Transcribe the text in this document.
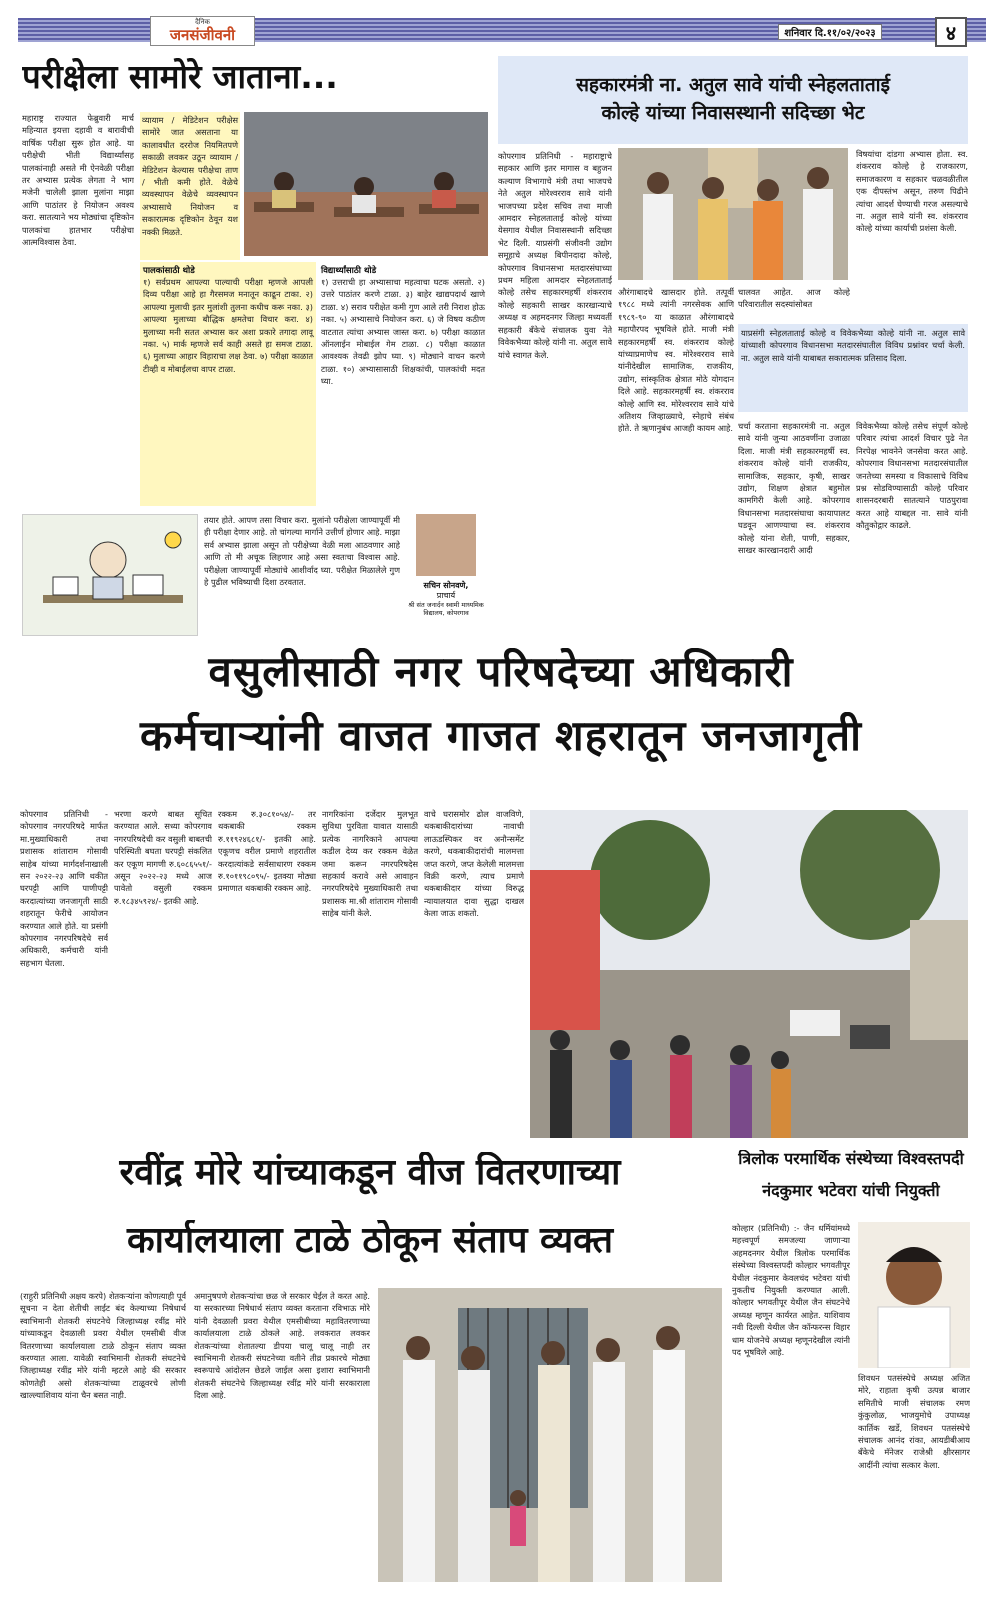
दैनिक
जनसंजीवनी	शनिवार दि.११/०२/२०२३	४
परीक्षेला सामोरे जाताना...
महाराष्ट्र राज्यात फेब्रुवारी मार्च महिन्यात इयत्ता दहावी व बारावीची वार्षिक परीक्षा सुरू होत आहे. या परीक्षेची भीती विद्यार्थ्यांसह पालकांनाही असते मी ऐनवेळी परीक्षा तर अभ्यास प्रत्येक लेगता ने भाग मजेनी चालेली झाला मुलांना माझा आणि पाठांतर हे नियोजन अवश्य करा. सातत्याने भय मोठ्यांचा दृष्टिकोन पालकांचा हातभार परीक्षेचा आत्मविश्वास ठेवा.
व्यायाम / मेडिटेशन परीक्षेस सामोरे जात असताना या कालावधीत दररोज नियमितपणे सकाळी लवकर उठून व्यायाम /मेडिटेशन केल्यास परीक्षेचा ताण / भीती कमी होते. वेळेचे व्यवस्थापन वेळेचे व्यवस्थापन अभ्यासाचे नियोजन व सकारात्मक दृष्टिकोन ठेवून यश नक्की मिळते.
पालकांसाठी थोडे
१) सर्वप्रथम आपल्या पाल्याची परीक्षा म्हणजे आपली दिव्य परीक्षा आहे हा गैरसमज मनातून काढून टाका. २) आपल्या मुलाची इतर मुलांशी तुलना कधीच करू नका. ३) आपल्या मुलाच्या बौद्धिक क्षमतेचा विचार करा. ४) मुलाच्या मनी सतत अभ्यास कर अशा प्रकारे तगादा लावू नका. ५) मार्क म्हणजे सर्व काही असते हा समज टाळा. ६) मुलाच्या आहार विहाराचा लक्ष ठेवा. ७) परीक्षा काळात टीव्ही व मोबाईलचा वापर टाळा.
विद्यार्थ्यांसाठी थोडे
१) उत्तराची हा अभ्यासाचा महत्वाचा घटक असतो. २) उत्तरे पाठांतर करणे टाळा. ३) बाहेर खाद्यपदार्थ खाणे टाळा. ४) सराव परीक्षेत कमी गुण आले तरी निराश होऊ नका. ५) अभ्यासाचे नियोजन करा. ६) जे विषय कठीण वाटतात त्यांचा अभ्यास जास्त करा. ७) परीक्षा काळात ऑनलाईन मोबाईल गेम टाळा. ८) परीक्षा काळात आवश्यक तेवढी झोप घ्या. ९) मोठ्याने वाचन करणे टाळा. १०) अभ्यासासाठी शिक्षकांची, पालकांची मदत घ्या.
तयार होते. आपण तसा विचार करा. मुलांनो परीक्षेला जाण्यापूर्वी मी ही परीक्षा देणार आहे. तो चांगल्या मार्गाने उत्तीर्ण होणार आहे. माझा सर्व अभ्यास झाला असून तो परीक्षेच्या वेळी मला आठवणार आहे आणि तो मी अचूक लिहणार आहे असा स्वतःचा विश्वास आहे. परीक्षेला जाण्यापूर्वी मोठ्यांचे आशीर्वाद घ्या. परीक्षेत मिळालेले गुण हे पुढील भविष्याची दिशा ठरवतात.	सचिन सोनवणे,
प्राचार्य
श्री संत जनार्दन स्वामी माध्यमिक विद्यालय, कोपरगाव
सहकारमंत्री ना. अतुल सावे यांची स्नेहलताताई
कोल्हे यांच्या निवासस्थानी सदिच्छा भेट
कोपरगाव प्रतिनिधी - महाराष्ट्राचे सहकार आणि इतर मागास व बहुजन कल्याण विभागाचे मंत्री तथा भाजपचे नेते अतुल मोरेश्वरराव सावे यांनी भाजपच्या प्रदेश सचिव तथा माजी आमदार स्नेहलताताई कोल्हे यांच्या येसगाव येथील निवासस्थानी सदिच्छा भेट दिली. याप्रसंगी संजीवनी उद्योग समूहाचे अध्यक्ष बिपीनदादा कोल्हे, कोपरगाव विधानसभा मतदारसंघाच्या प्रथम महिला आमदार स्नेहलताताई कोल्हे तसेच सहकारमहर्षी शंकरराव कोल्हे सहकारी साखर कारखान्याचे अध्यक्ष व अहमदनगर जिल्हा मध्यवर्ती सहकारी बँकेचे संचालक युवा नेते विवेकभैय्या कोल्हे यांनी ना. अतुल सावे यांचे स्वागत केले.
विषयांचा दांडगा अभ्यास होता. स्व. शंकरराव कोल्हे हे राजकारण, समाजकारण व सहकार चळवळीतील एक दीपस्तंभ असून, तरुण पिढीने त्यांचा आदर्श घेण्याची गरज असल्याचे ना. अतुल सावे यांनी स्व. शंकरराव कोल्हे यांच्या कार्याची प्रशंसा केली.
औरंगाबादचे खासदार होते. तत्पूर्वी १९८८ मध्ये त्यांनी नगरसेवक आणि १९८९-९० या काळात औरंगाबादचे महापौरपद भूषविले होते. माजी मंत्री सहकारमहर्षी स्व. शंकरराव कोल्हे यांच्याप्रमाणेच स्व. मोरेश्वरराव सावे यांनीदेखील सामाजिक, राजकीय, उद्योग, सांस्कृतिक क्षेत्रात मोठे योगदान दिले आहे. सहकारमहर्षी स्व. शंकरराव कोल्हे आणि स्व. मोरेश्वरराव सावे यांचे अतिशय जिव्हाळ्याचे, स्नेहाचे संबंध होते. ते ऋणानुबंध आजही कायम आहे.
चालवत आहेत. आज कोल्हे परिवारातील सदस्यांसोबत
याप्रसंगी स्नेहलताताई कोल्हे व विवेकभैय्या कोल्हे यांनी ना. अतुल सावे यांच्याशी कोपरगाव विधानसभा मतदारसंघातील विविध प्रश्नांवर चर्चा केली. ना. अतुल सावे यांनी याबाबत सकारात्मक प्रतिसाद दिला.
चर्चा करताना सहकारमंत्री ना. अतुल सावे यांनी जुन्या आठवणींना उजाळा दिला. माजी मंत्री सहकारमहर्षी स्व. शंकरराव कोल्हे यांनी राजकीय, सामाजिक, सहकार, कृषी, साखर उद्योग, शिक्षण क्षेत्रात बहुमोल कामगिरी केली आहे. कोपरगाव विधानसभा मतदारसंघाचा कायापालट घडवून आणण्याचा स्व. शंकरराव कोल्हे यांना शेती, पाणी, सहकार, साखर कारखानदारी आदी
विवेकभैय्या कोल्हे तसेच संपूर्ण कोल्हे परिवार त्यांचा आदर्श विचार पुढे नेत निरपेक्ष भावनेने जनसेवा करत आहे. कोपरगाव विधानसभा मतदारसंघातील जनतेच्या समस्या व विकासाचे विविध प्रश्न सोडविण्यासाठी कोल्हे परिवार शासनदरबारी सातत्याने पाठपुरावा करत आहे याबद्दल ना. सावे यांनी कौतुकोद्गार काढले.
वसुलीसाठी नगर परिषदेच्या अधिकारी
कर्मचाऱ्यांनी वाजत गाजत शहरातून जनजागृती
कोपरगाव प्रतिनिधी - कोपरगाव नगरपरिषदे मार्फत मा.मुख्याधिकारी तथा प्रशासक शांताराम गोसावी साहेब यांच्या मार्गदर्शनाखाली सन २०२२-२३ आणि थकीत घरपट्टी आणि पाणीपट्टी करदात्यांच्या जनजागृती साठी शहरातून फेरीचे आयोजन करण्यात आले होते. या प्रसंगी कोपरगाव नगरपरिषदेचे सर्व अधिकारी, कर्मचारी यांनी सहभाग घेतला.
भरणा करणे बाबत सूचित करण्यात आले. सध्या कोपरगाव नगरपरिषदेची कर वसुली बाबतची परिस्थिती बघता घरपट्टी संकलित कर एकूण मागणी रु.६०८६५५१/- असून २०२२-२३ मध्ये आज पावेतो वसुली रक्कम रु.१८३४५९२४/- इतकी आहे.
रक्कम रु.३०८१०५४/- तर थकबाकी रक्कम रु.११९२४६८१/- इतकी आहे. एकूणच वरील प्रमाणे शहरातील करदात्यांकडे सर्वसाधारण रक्कम रु.१०११९८०९५/- इतक्या मोठ्या प्रमाणात थकबाकी रक्कम आहे.
नागरिकांना दर्जेदार मुलभूत सुविधा पुरविता यावात यासाठी प्रत्येक नागरिकाने आपल्या कडील देय्य कर रक्कम वेळेत जमा करून नगरपरिषदेस सहकार्य करावे असे आवाहन नगरपरिषदेचे मुख्याधिकारी तथा प्रशासक मा.श्री शांताराम गोसावी साहेब यांनी केले.
वाचे घरासमोर ढोल वाजविणे, थकबाकीदारांच्या नावाची लाऊडस्पिकर वर अनौन्समेंट करणे, थकबाकीदारांची मालमत्ता जप्त करणे, जप्त केलेली मालमत्ता विक्री करणे, त्याच प्रमाणे थकबाकीदार यांच्या विरुद्ध न्यायालयात दावा सुद्धा दाखल केला जाऊ शकतो.
रवींद्र मोरे यांच्याकडून वीज वितरणाच्या
कार्यालयाला टाळे ठोकून संताप व्यक्त
(राहुरी प्रतिनिधी अक्षय करपे) शेतकऱ्यांना कोणत्याही पूर्व सूचना न देता शेतीची लाईट बंद केल्याच्या निषेधार्थ स्वाभिमानी शेतकरी संघटनेचे जिल्हाध्यक्ष रवींद्र मोरे यांच्याकडून देवळाली प्रवरा येथील एमसीबी वीज वितरणाच्या कार्यालयाला टाळे ठोकून संताप व्यक्त करण्यात आला. यावेळी स्वाभिमानी शेतकरी संघटनेचे जिल्हाध्यक्ष रवींद्र मोरे यांनी म्हटले आहे की सरकार कोणतेही असो शेतकऱ्यांच्या टाळूवरचे लोणी खाल्ल्याशिवाय यांना चैन बसत नाही.
अमानुषपणे शेतकऱ्यांचा छळ जे सरकार घेईल ते करत आहे. या सरकारच्या निषेधार्थ संताप व्यक्त करताना रविभाऊ मोरे यांनी देवळाली प्रवरा येथील एमसीबीच्या महावितरणाच्या कार्यालयाला टाळे ठोकले आहे. लवकरात लवकर शेतकऱ्यांच्या शेतातल्या डीपया चालू चालू नाही तर स्वाभिमानी शेतकरी संघटनेच्या वतीने तीव्र प्रकारचे मोठ्या स्वरूपाचे आंदोलन छेडले जाईल असा इशारा स्वाभिमानी शेतकरी संघटनेचे जिल्हाध्यक्ष रवींद्र मोरे यांनी सरकाराला दिला आहे.
त्रिलोक परमार्थिक संस्थेच्या विश्वस्तपदी
नंदकुमार भटेवरा यांची नियुक्ती
कोल्हार (प्रतिनिधी) :- जैन धर्मियांमध्ये महत्त्वपूर्ण समजल्या जाणाऱ्या अहमदनगर येथील त्रिलोक परमार्थिक संस्थेच्या विश्वस्तपदी कोल्हार भगवतीपूर येथील नंदकुमार केवलचंद भटेवरा यांची नुकतीच नियुक्ती करण्यात आली. कोल्हार भगवतीपूर येथील जैन संघटनेचे अध्यक्ष म्हणून कार्यरत आहेत. याशिवाय नवी दिल्ली येथील जैन कॉन्फरन्स विहार धाम योजनेचे अध्यक्ष म्हणूनदेखील त्यांनी पद भूषविले आहे.
शिवधन पतसंस्थेचे अध्यक्ष अजित मोरे, राहाता कृषी उत्पन्न बाजार समितीचे माजी संचालक रमण कुंकुलोळ, भाजयुमोचे उपाध्यक्ष कार्तिक खर्डे, शिवधन पतसंस्थेचे संचालक आनंद रांका, आयडीबीआय बँकेचे मॅनेजर राजेश्री क्षीरसागर आदींनी त्यांचा सत्कार केला.
